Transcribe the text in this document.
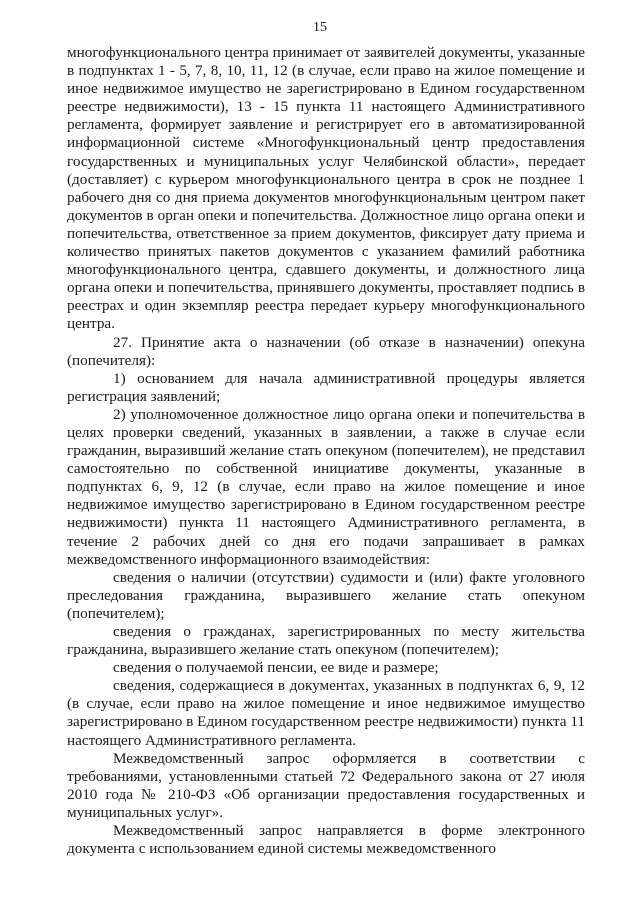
15

многофункционального центра принимает от заявителей документы, указанные в подпунктах 1 - 5, 7, 8, 10, 11, 12 (в случае, если право на жилое помещение и иное недвижимое имущество не зарегистрировано в Едином государственном реестре недвижимости), 13 - 15 пункта 11 настоящего Административного регламента, формирует заявление и регистрирует его в автоматизированной информационной системе «Многофункциональный центр предоставления государственных и муниципальных услуг Челябинской области», передает (доставляет) с курьером многофункционального центра в срок не позднее 1 рабочего дня со дня приема документов многофункциональным центром пакет документов в орган опеки и попечительства. Должностное лицо органа опеки и попечительства, ответственное за прием документов, фиксирует дату приема и количество принятых пакетов документов с указанием фамилий работника многофункционального центра, сдавшего документы, и должностного лица органа опеки и попечительства, принявшего документы, проставляет подпись в реестрах и один экземпляр реестра передает курьеру многофункционального центра.

27. Принятие акта о назначении (об отказе в назначении) опекуна (попечителя):

1) основанием для начала административной процедуры является регистрация заявлений;

2) уполномоченное должностное лицо органа опеки и попечительства в целях проверки сведений, указанных в заявлении, а также в случае если гражданин, выразивший желание стать опекуном (попечителем), не представил самостоятельно по собственной инициативе документы, указанные в подпунктах 6, 9, 12 (в случае, если право на жилое помещение и иное недвижимое имущество зарегистрировано в Едином государственном реестре недвижимости) пункта 11 настоящего Административного регламента, в течение 2 рабочих дней со дня его подачи запрашивает в рамках межведомственного информационного взаимодействия:

сведения о наличии (отсутствии) судимости и (или) факте уголовного преследования гражданина, выразившего желание стать опекуном (попечителем);

сведения о гражданах, зарегистрированных по месту жительства гражданина, выразившего желание стать опекуном (попечителем);

сведения о получаемой пенсии, ее виде и размере;

сведения, содержащиеся в документах, указанных в подпунктах 6, 9, 12 (в случае, если право на жилое помещение и иное недвижимое имущество зарегистрировано в Едином государственном реестре недвижимости) пункта 11 настоящего Административного регламента.

Межведомственный запрос оформляется в соответствии с требованиями, установленными статьей 72 Федерального закона от 27 июля 2010 года № 210-ФЗ «Об организации предоставления государственных и муниципальных услуг».

Межведомственный запрос направляется в форме электронного документа с использованием единой системы межведомственного
